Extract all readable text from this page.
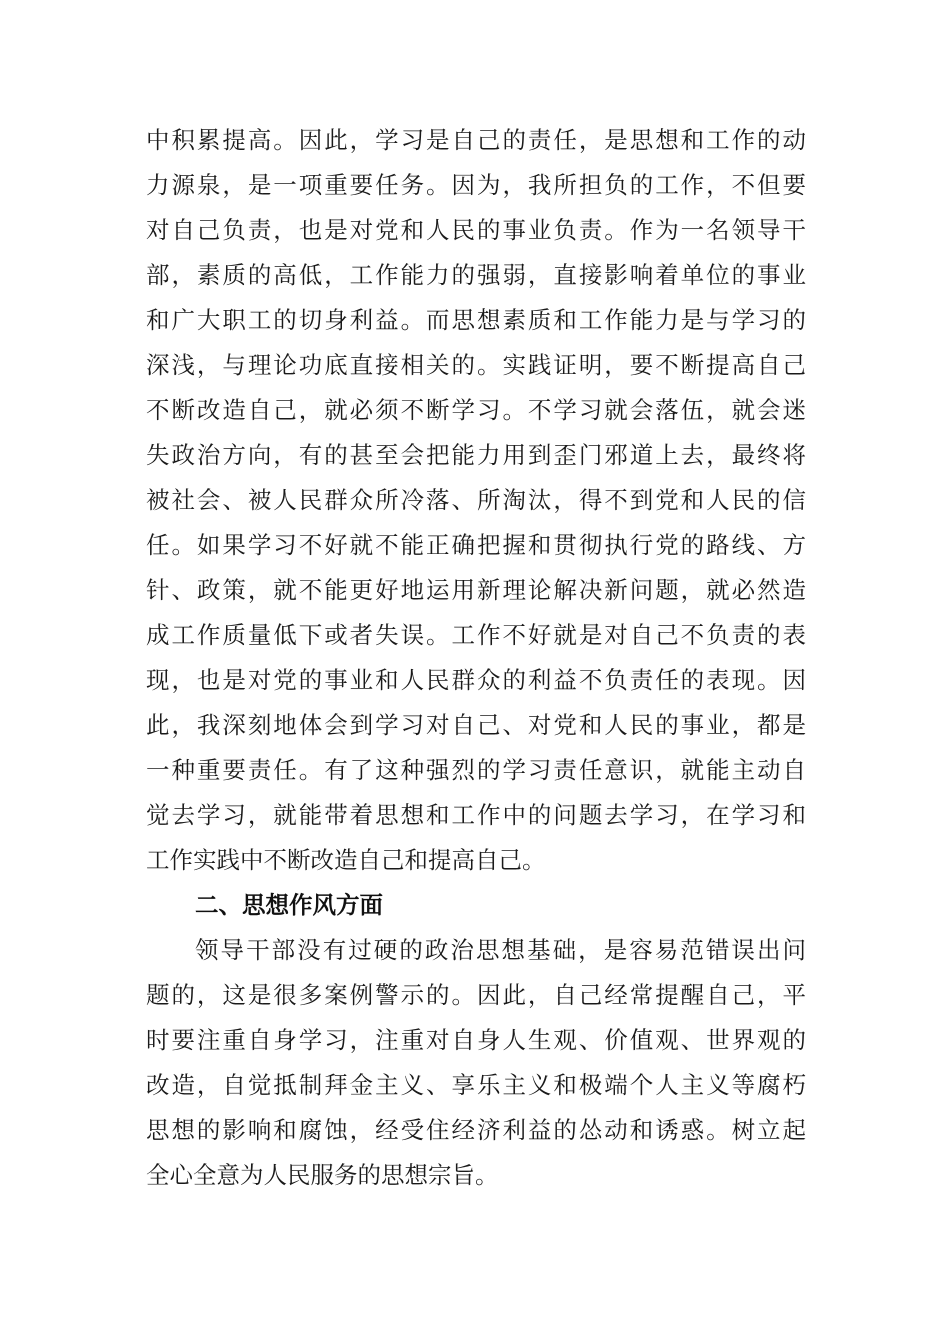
中积累提高。因此，学习是自己的责任，是思想和工作的动

力源泉，是一项重要任务。因为，我所担负的工作，不但要

对自己负责，也是对党和人民的事业负责。作为一名领导干

部，素质的高低，工作能力的强弱，直接影响着单位的事业

和广大职工的切身利益。而思想素质和工作能力是与学习的

深浅，与理论功底直接相关的。实践证明，要不断提高自己

不断改造自己，就必须不断学习。不学习就会落伍，就会迷

失政治方向，有的甚至会把能力用到歪门邪道上去，最终将

被社会、被人民群众所冷落、所淘汰，得不到党和人民的信

任。如果学习不好就不能正确把握和贯彻执行党的路线、方

针、政策，就不能更好地运用新理论解决新问题，就必然造

成工作质量低下或者失误。工作不好就是对自己不负责的表

现，也是对党的事业和人民群众的利益不负责任的表现。因

此，我深刻地体会到学习对自己、对党和人民的事业，都是

一种重要责任。有了这种强烈的学习责任意识，就能主动自

觉去学习，就能带着思想和工作中的问题去学习，在学习和

工作实践中不断改造自己和提高自己。

二、思想作风方面

领导干部没有过硬的政治思想基础，是容易范错误出问

题的，这是很多案例警示的。因此，自己经常提醒自己，平

时要注重自身学习，注重对自身人生观、价值观、世界观的

改造，自觉抵制拜金主义、享乐主义和极端个人主义等腐朽

思想的影响和腐蚀，经受住经济利益的怂动和诱惑。树立起

全心全意为人民服务的思想宗旨。
